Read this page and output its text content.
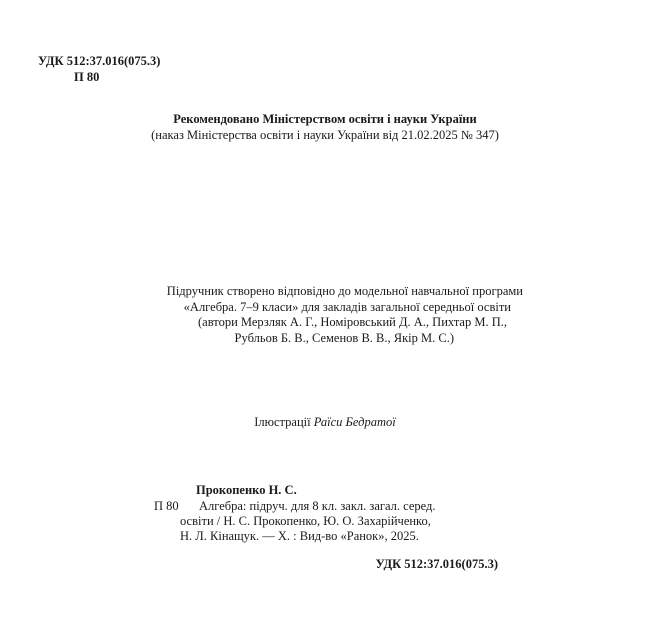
УДК 512:37.016(075.3)
П 80
Рекомендовано Міністерством освіти і науки України
(наказ Міністерства освіти і науки України від 21.02.2025 № 347)
Підручник створено відповідно до модельної навчальної програми
«Алгебра. 7–9 класи» для закладів загальної середньої освіти
(автори Мерзляк А. Г., Номіровський Д. А., Пихтар М. П.,
Рубльов Б. В., Семенов В. В., Якір М. С.)
Ілюстрації Раїси Бедратої
Прокопенко Н. С.
П 80 Алгебра: підруч. для 8 кл. закл. загал. серед.
освіти / Н. С. Прокопенко, Ю. О. Захарійченко,
Н. Л. Кінащук. — Х. : Вид-во «Ранок», 2025.
УДК 512:37.016(075.3)
